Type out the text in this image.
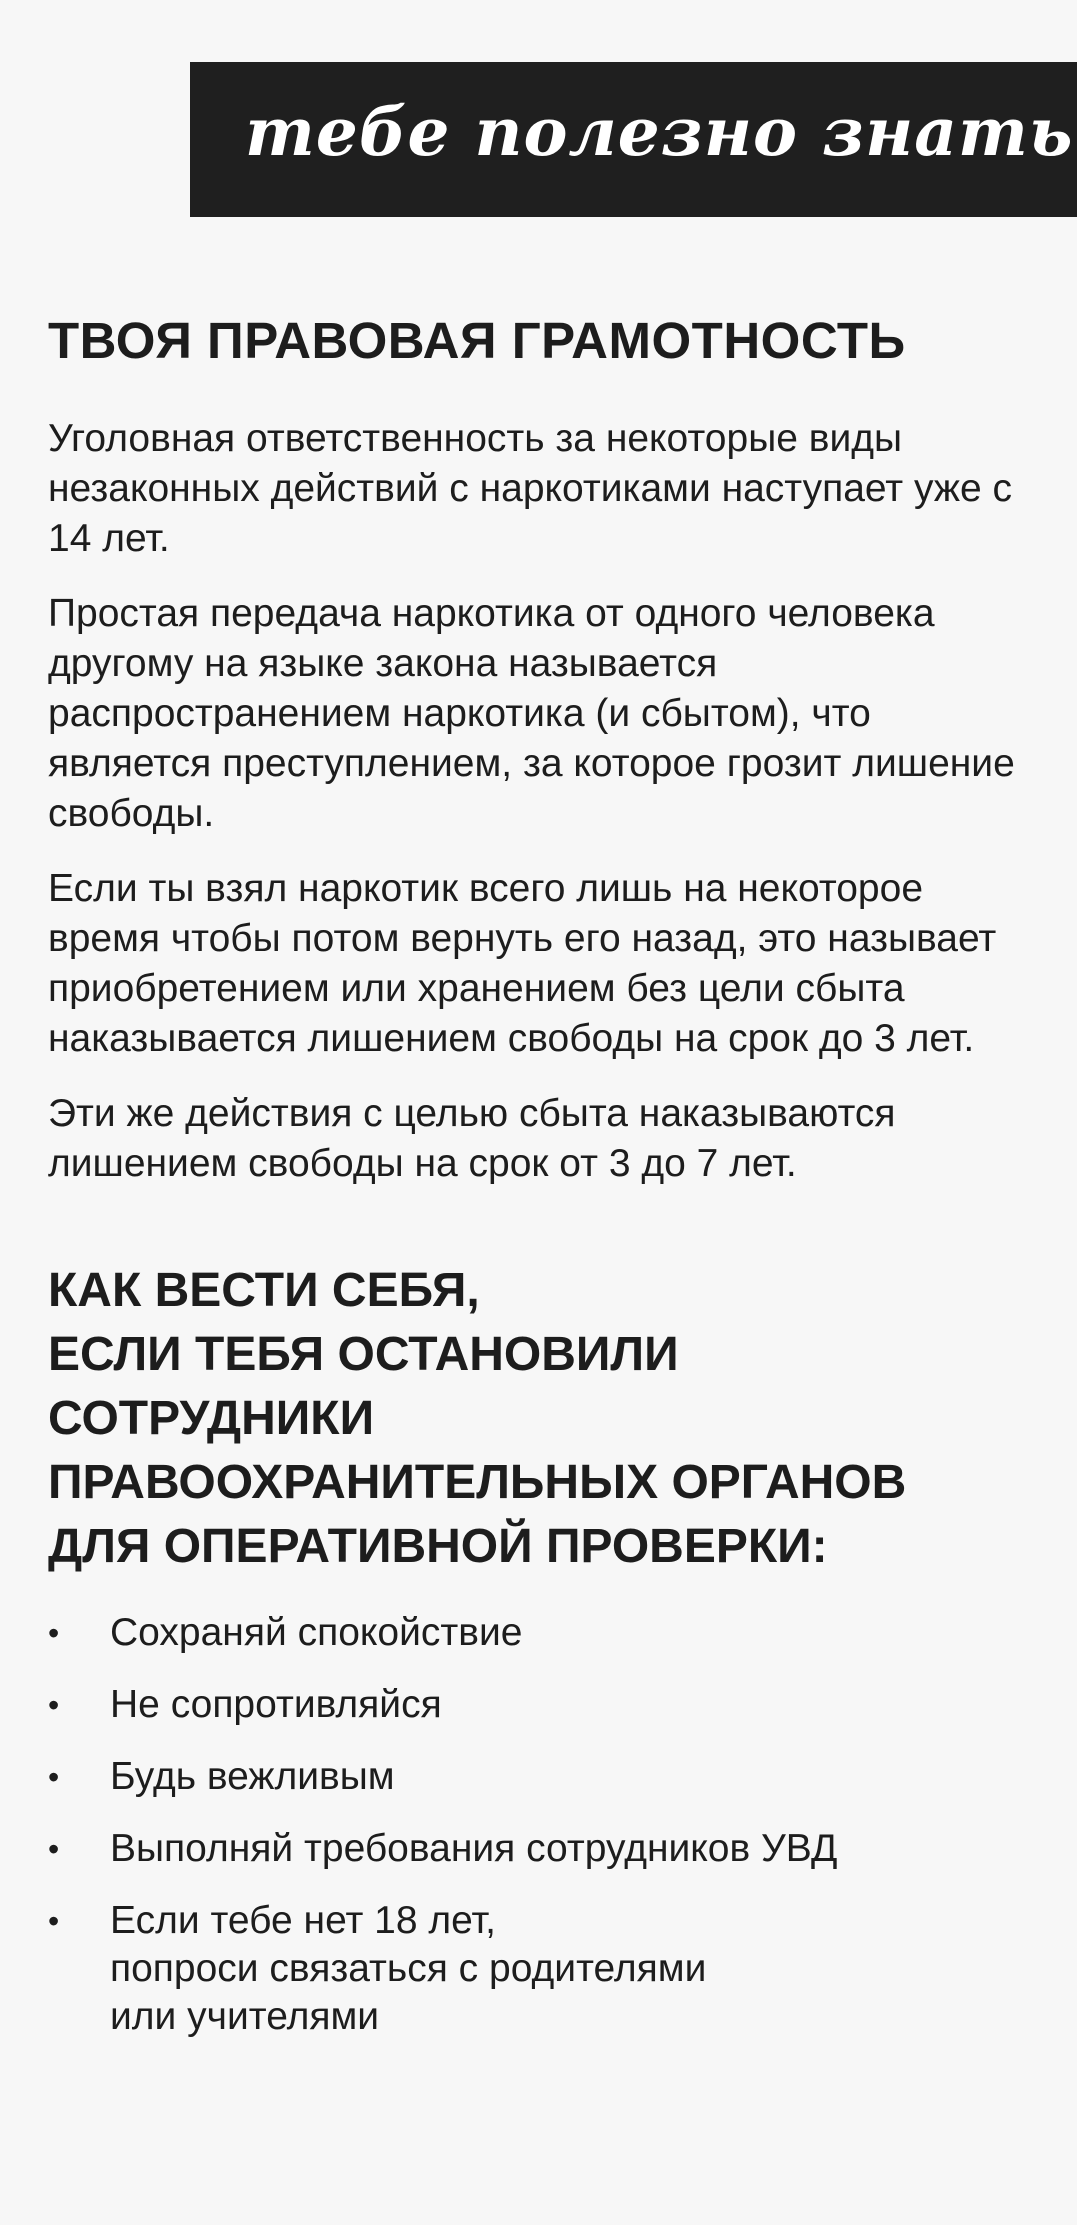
тебе полезно знать
ТВОЯ ПРАВОВАЯ ГРАМОТНОСТЬ

Уголовная ответственность за некоторые виды незаконных действий с наркотиками наступает уже с 14 лет.

Простая передача наркотика от одного человека другому на языке закона называется распространением наркотика (и сбытом), что является преступлением, за которое грозит лишение свободы.

Если ты взял наркотик всего лишь на некоторое время чтобы потом вернуть его назад, это называет приобретением или хранением без цели сбыта наказывается лишением свободы на срок до 3 лет.

Эти же действия с целью сбыта наказываются лишением свободы на срок от 3 до 7 лет.

КАК ВЕСТИ СЕБЯ,
ЕСЛИ ТЕБЯ ОСТАНОВИЛИ
СОТРУДНИКИ
ПРАВООХРАНИТЕЛЬНЫХ ОРГАНОВ
ДЛЯ ОПЕРАТИВНОЙ ПРОВЕРКИ:
• Сохраняй спокойствие
• Не сопротивляйся
• Будь вежливым
• Выполняй требования сотрудников УВД
• Если тебе нет 18 лет,
попроси связаться с родителями
или учителями
